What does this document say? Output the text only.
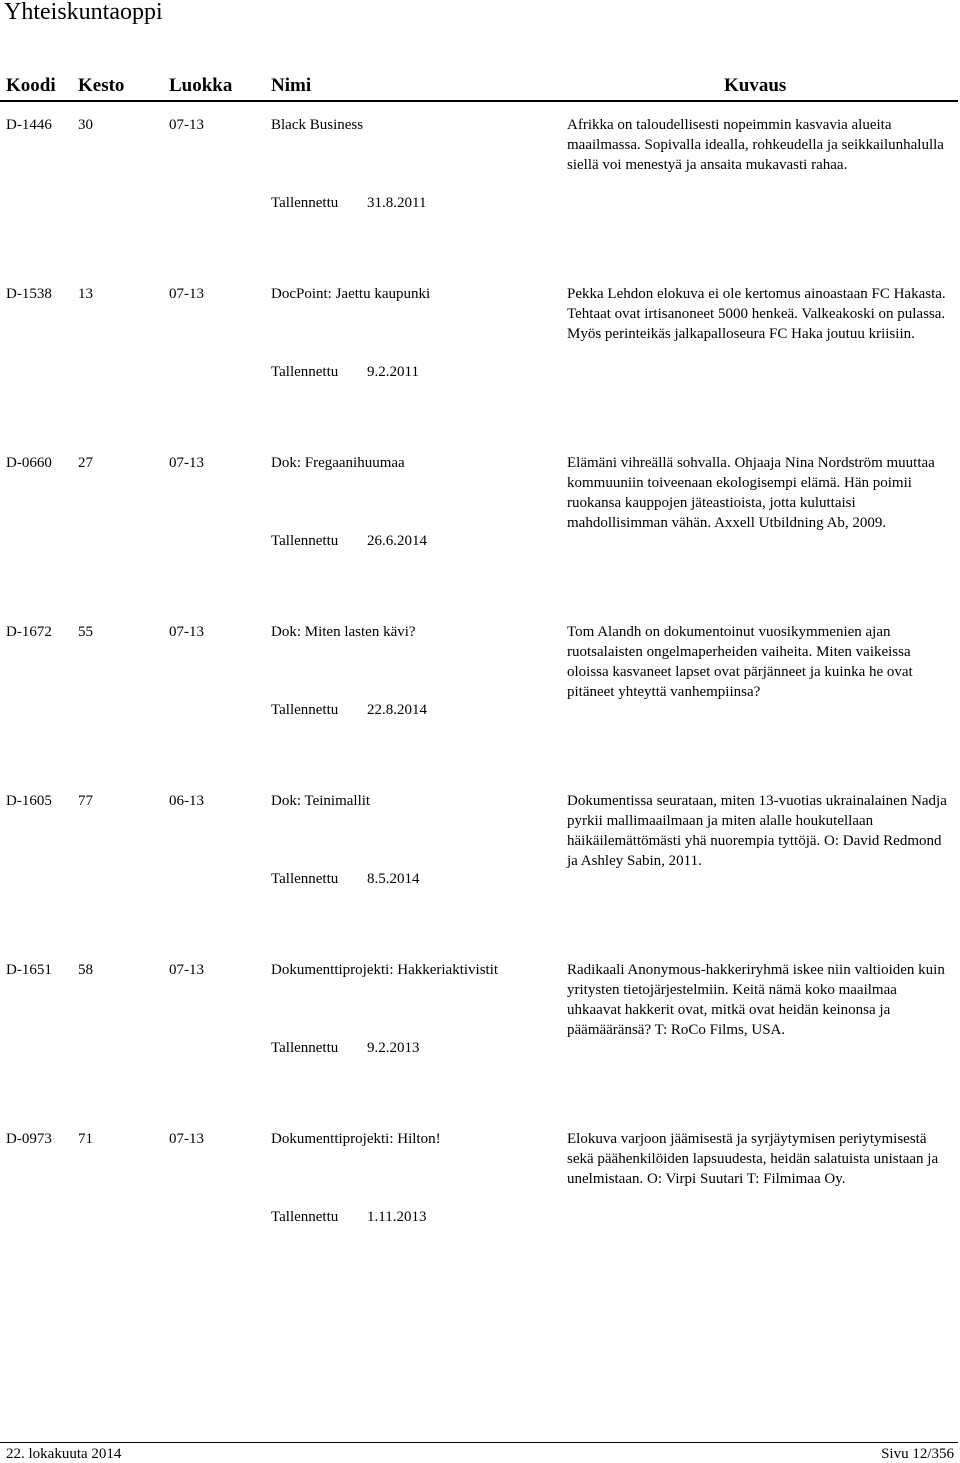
Yhteiskuntaoppi
Koodi Kesto Luokka Nimi	Kuvaus
D-1446 30	07-13	Black Business
Tallennettu 31.8.2011
Afrikka on taloudellisesti nopeimmin kasvavia alueita maailmassa. Sopivalla idealla, rohkeudella ja seikkailunhalulla siellä voi menestyä ja ansaita mukavasti rahaa.
D-1538 13	07-13	DocPoint: Jaettu kaupunki
Tallennettu 9.2.2011
Pekka Lehdon elokuva ei ole kertomus ainoastaan FC Hakasta. Tehtaat ovat irtisanoneet 5000 henkeä. Valkeakoski on pulassa. Myös perinteikäs jalkapalloseura FC Haka joutuu kriisiin.
D-0660 27	07-13	Dok: Fregaanihuumaa
Tallennettu 26.6.2014
Elämäni vihreällä sohvalla. Ohjaaja Nina Nordström muuttaa kommuuniin toiveenaan ekologisempi elämä. Hän poimii ruokansa kauppojen jäteastioista, jotta kuluttaisi mahdollisimman vähän. Axxell Utbildning Ab, 2009.
D-1672 55	07-13	Dok: Miten lasten kävi?
Tallennettu 22.8.2014
Tom Alandh on dokumentoinut vuosikymmenien ajan ruotsalaisten ongelmaperheiden vaiheita. Miten vaikeissa oloissa kasvaneet lapset ovat pärjänneet ja kuinka he ovat pitäneet yhteyttä vanhempiinsa?
D-1605 77	06-13	Dok: Teinimallit
Tallennettu 8.5.2014
Dokumentissa seurataan, miten 13-vuotias ukrainalainen Nadja pyrkii mallimaailmaan ja miten alalle houkutellaan häikäilemättömästi yhä nuorempia tyttöjä. O: David Redmond ja Ashley Sabin, 2011.
D-1651 58	07-13	Dokumenttiprojekti: Hakkeriaktivistit
Tallennettu 9.2.2013
Radikaali Anonymous-hakkeriryhmä iskee niin valtioiden kuin yritysten tietojärjestelmiin. Keitä nämä koko maailmaa uhkaavat hakkerit ovat, mitkä ovat heidän keinonsa ja päämääränsä? T: RoCo Films, USA.
D-0973 71	07-13	Dokumenttiprojekti: Hilton!
Tallennettu 1.11.2013
Elokuva varjoon jäämisestä ja syrjäytymisen periytymisestä sekä päähenkilöiden lapsuudesta, heidän salatuista unistaan ja unelmistaan. O: Virpi Suutari T: Filmimaa Oy.
22. lokakuuta 2014	Sivu 12/356
